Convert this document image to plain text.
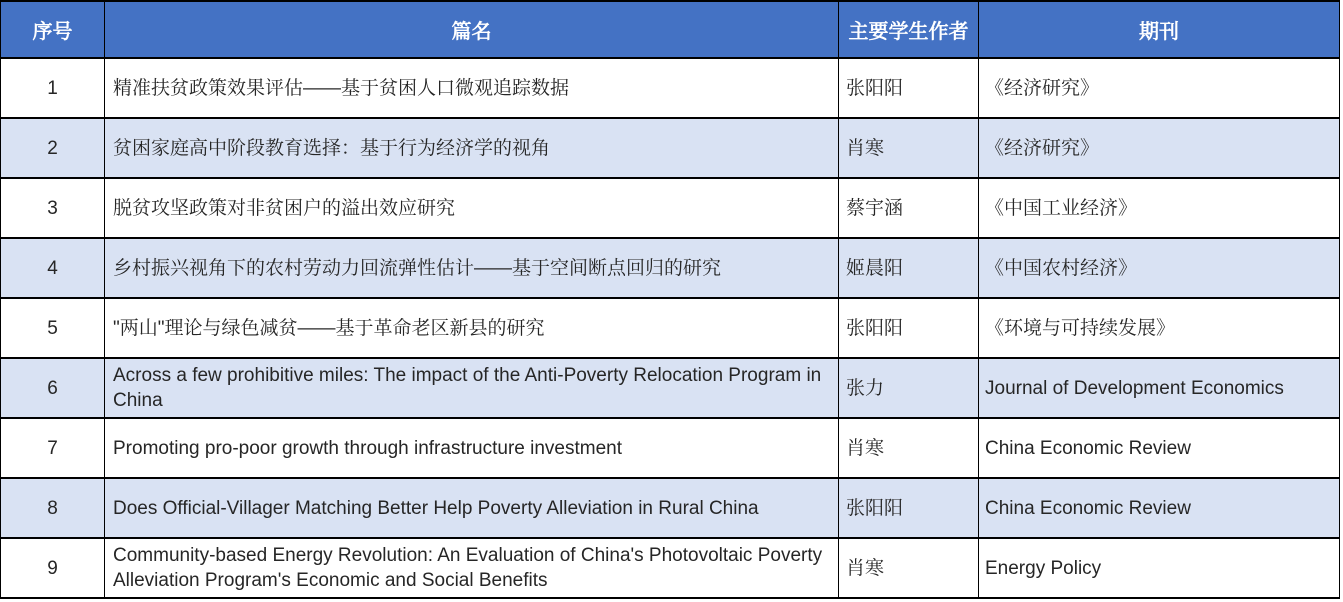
序号	篇名	主要学生作者	期刊
1	精准扶贫政策效果评估——基于贫困人口微观追踪数据	张阳阳	《经济研究》
2	贫困家庭高中阶段教育选择：基于行为经济学的视角	肖寒	《经济研究》
3	脱贫攻坚政策对非贫困户的溢出效应研究	蔡宇涵	《中国工业经济》
4	乡村振兴视角下的农村劳动力回流弹性估计——基于空间断点回归的研究	姬晨阳	《中国农村经济》
5	"两山"理论与绿色减贫——基于革命老区新县的研究	张阳阳	《环境与可持续发展》
6	Across a few prohibitive miles: The impact of the Anti-Poverty Relocation Program in China	张力	Journal of Development Economics
7	Promoting pro-poor growth through infrastructure investment	肖寒	China Economic Review
8	Does Official-Villager Matching Better Help Poverty Alleviation in Rural China	张阳阳	China Economic Review
9	Community-based Energy Revolution: An Evaluation of China's Photovoltaic Poverty Alleviation Program's Economic and Social Benefits	肖寒	Energy Policy
